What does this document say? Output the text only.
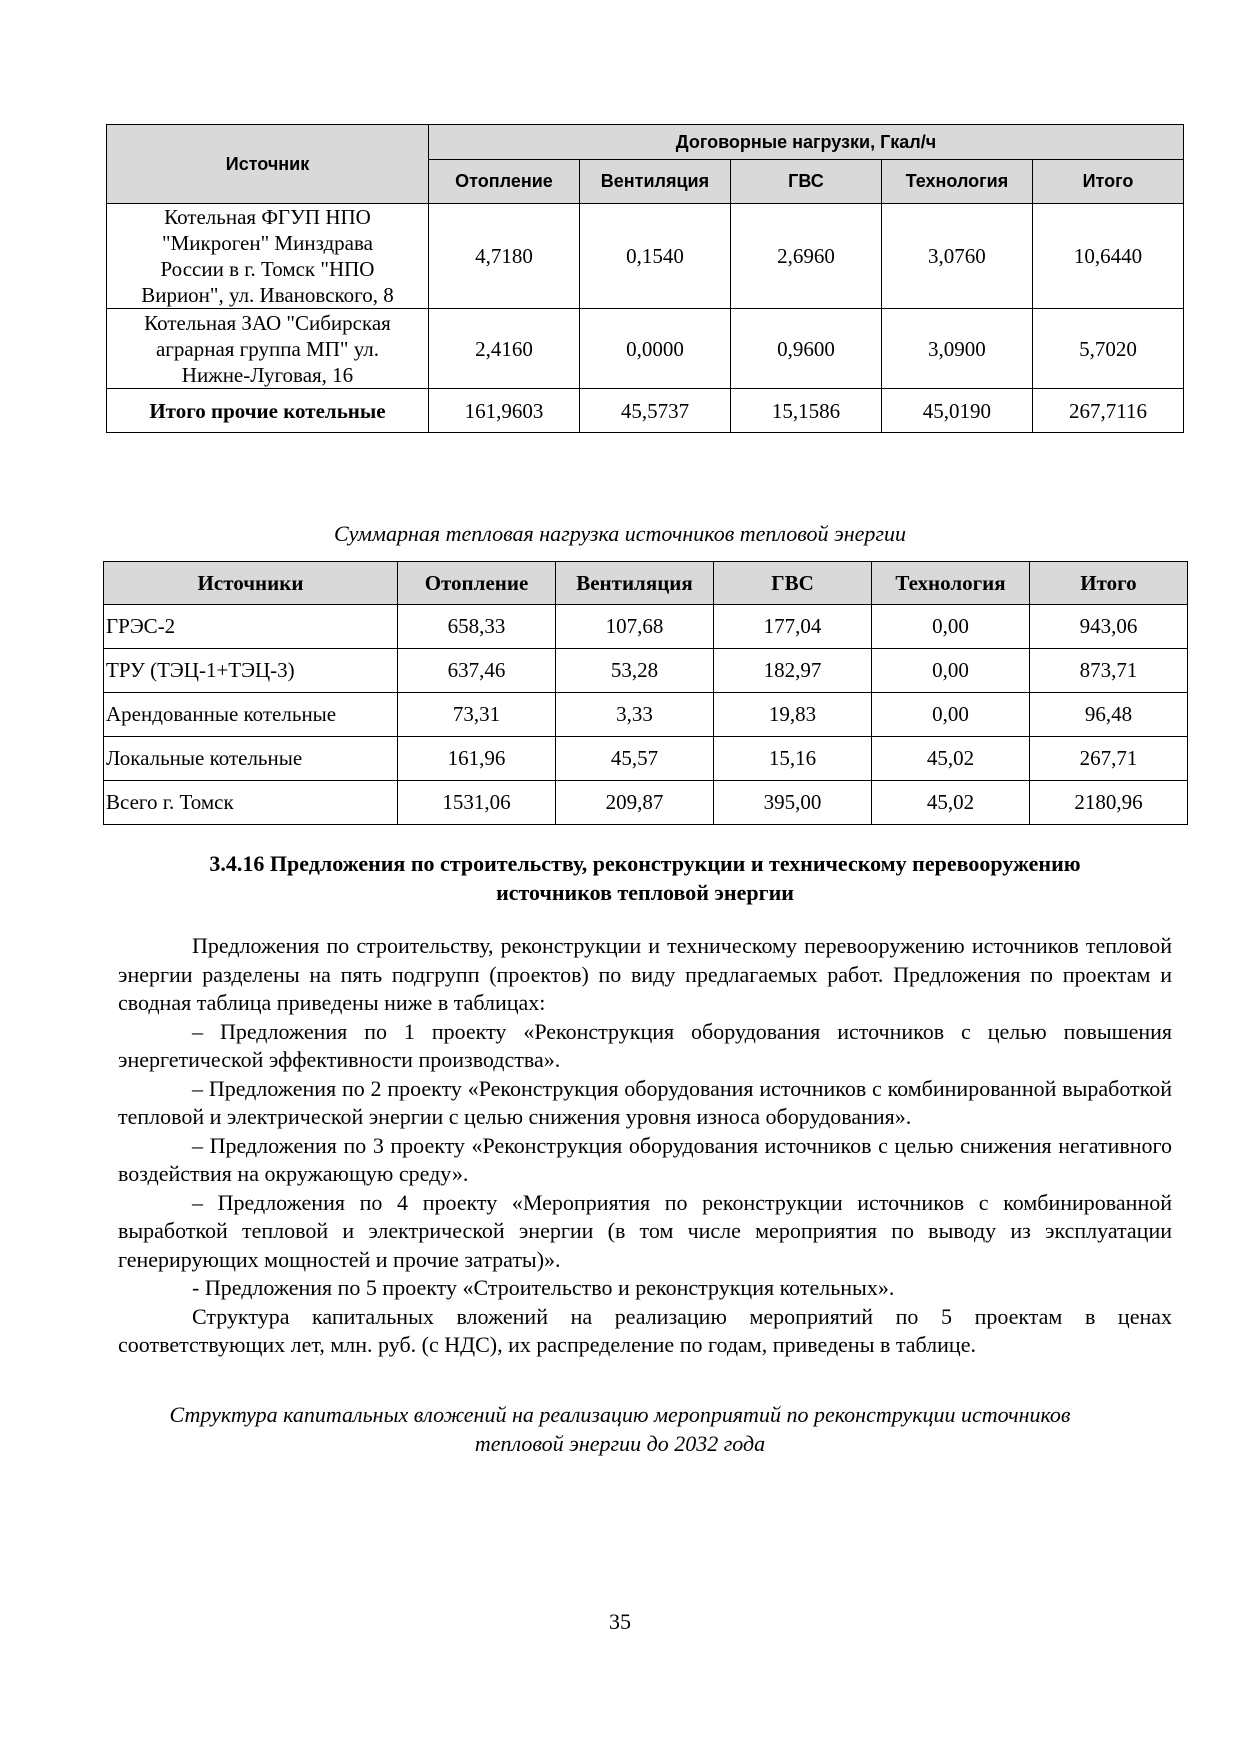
Источник	Договорные нагрузки, Гкал/ч				
	Отопление	Вентиляция	ГВС	Технология	Итого

Котельная ФГУП НПО
"Микроген" Минздрава
России в г. Томск "НПО
Вирион", ул. Ивановского, 8	4,7180	0,1540	2,6960	3,0760	10,6440

Котельная ЗАО "Сибирская
аграрная группа МП" ул.
Нижне-Луговая, 16	2,4160	0,0000	0,9600	3,0900	5,7020
Итого прочие котельные	161,9603	45,5737	15,1586	45,0190	267,7116
Суммарная тепловая нагрузка источников тепловой энергии
Источники	Отопление	Вентиляция	ГВС	Технология	Итого
ГРЭС-2	658,33	107,68	177,04	0,00	943,06
ТРУ (ТЭЦ-1+ТЭЦ-3)	637,46	53,28	182,97	0,00	873,71
Арендованные котельные	73,31	3,33	19,83	0,00	96,48
Локальные котельные	161,96	45,57	15,16	45,02	267,71
Всего г. Томск	1531,06	209,87	395,00	45,02	2180,96
3.4.16 Предложения по строительству, реконструкции и техническому перевооружению
источников тепловой энергии

Предложения по строительству, реконструкции и техническому перевооружению источников тепловой энергии разделены на пять подгрупп (проектов) по виду предлагаемых работ. Предложения по проектам и сводная таблица приведены ниже в таблицах:

– Предложения по 1 проекту «Реконструкция оборудования источников с целью повышения энергетической эффективности производства».

– Предложения по 2 проекту «Реконструкция оборудования источников с комбинированной выработкой тепловой и электрической энергии с целью снижения уровня износа оборудования».

– Предложения по 3 проекту «Реконструкция оборудования источников с целью снижения негативного воздействия на окружающую среду».

– Предложения по 4 проекту «Мероприятия по реконструкции источников с комбинированной выработкой тепловой и электрической энергии (в том числе мероприятия по выводу из эксплуатации генерирующих мощностей и прочие затраты)».

- Предложения по 5 проекту «Строительство и реконструкция котельных».

Структура капитальных вложений на реализацию мероприятий по 5 проектам в ценах соответствующих лет, млн. руб. (с НДС), их распределение по годам, приведены в таблице.

Структура капитальных вложений на реализацию мероприятий по реконструкции источников
тепловой энергии до 2032 года
35
